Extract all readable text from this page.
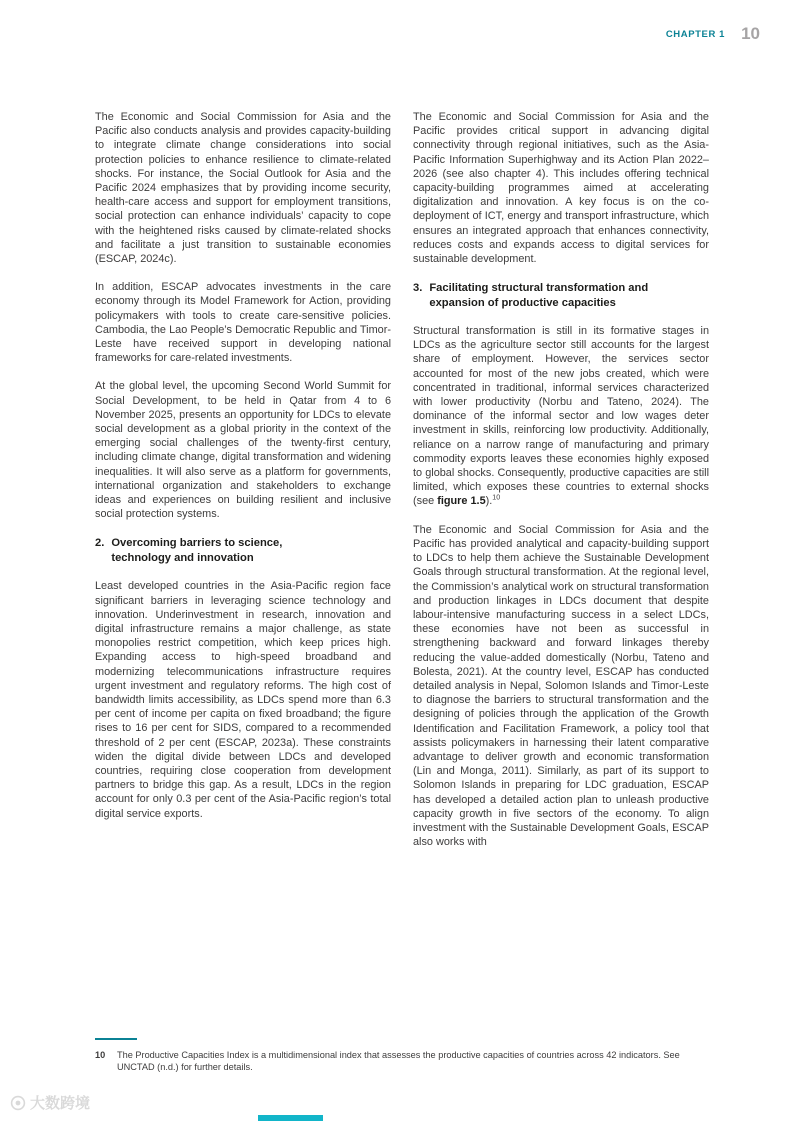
CHAPTER 1 10

The Economic and Social Commission for Asia and the Pacific also conducts analysis and provides capacity-building to integrate climate change considerations into social protection policies to enhance resilience to climate-related shocks. For instance, the Social Outlook for Asia and the Pacific 2024 emphasizes that by providing income security, health-care access and support for employment transitions, social protection can enhance individuals’ capacity to cope with the heightened risks caused by climate-related shocks and facilitate a just transition to sustainable economies (ESCAP, 2024c).

In addition, ESCAP advocates investments in the care economy through its Model Framework for Action, providing policymakers with tools to create care-sensitive policies. Cambodia, the Lao People’s Democratic Republic and Timor-Leste have received support in developing national frameworks for care-related investments.

At the global level, the upcoming Second World Summit for Social Development, to be held in Qatar from 4 to 6 November 2025, presents an opportunity for LDCs to elevate social development as a global priority in the context of the emerging social challenges of the twenty-first century, including climate change, digital transformation and widening inequalities. It will also serve as a platform for governments, international organization and stakeholders to exchange ideas and experiences on building resilient and inclusive social protection systems.

2. Overcoming barriers to science, technology and innovation

Least developed countries in the Asia-Pacific region face significant barriers in leveraging science technology and innovation. Underinvestment in research, innovation and digital infrastructure remains a major challenge, as state monopolies restrict competition, which keep prices high. Expanding access to high-speed broadband and modernizing telecommunications infrastructure requires urgent investment and regulatory reforms. The high cost of bandwidth limits accessibility, as LDCs spend more than 6.3 per cent of income per capita on fixed broadband; the figure rises to 16 per cent for SIDS, compared to a recommended threshold of 2 per cent (ESCAP, 2023a). These constraints widen the digital divide between LDCs and developed countries, requiring close cooperation from development partners to bridge this gap. As a result, LDCs in the region account for only 0.3 per cent of the Asia-Pacific region’s total digital service exports.

The Economic and Social Commission for Asia and the Pacific provides critical support in advancing digital connectivity through regional initiatives, such as the Asia-Pacific Information Superhighway and its Action Plan 2022–2026 (see also chapter 4). This includes offering technical capacity-building programmes aimed at accelerating digitalization and innovation. A key focus is on the co-deployment of ICT, energy and transport infrastructure, which ensures an integrated approach that enhances connectivity, reduces costs and expands access to digital services for sustainable development.

3. Facilitating structural transformation and expansion of productive capacities

Structural transformation is still in its formative stages in LDCs as the agriculture sector still accounts for the largest share of employment. However, the services sector accounted for most of the new jobs created, which were concentrated in traditional, informal services characterized with lower productivity (Norbu and Tateno, 2024). The dominance of the informal sector and low wages deter investment in skills, reinforcing low productivity. Additionally, reliance on a narrow range of manufacturing and primary commodity exports leaves these economies highly exposed to global shocks. Consequently, productive capacities are still limited, which exposes these countries to external shocks (see figure 1.5).$^{10}$

The Economic and Social Commission for Asia and the Pacific has provided analytical and capacity-building support to LDCs to help them achieve the Sustainable Development Goals through structural transformation. At the regional level, the Commission’s analytical work on structural transformation and production linkages in LDCs document that despite labour-intensive manufacturing success in a select LDCs, these economies have not been as successful in strengthening backward and forward linkages thereby reducing the value-added domestically (Norbu, Tateno and Bolesta, 2021). At the country level, ESCAP has conducted detailed analysis in Nepal, Solomon Islands and Timor-Leste to diagnose the barriers to structural transformation and the designing of policies through the application of the Growth Identification and Facilitation Framework, a policy tool that assists policymakers in harnessing their latent comparative advantage to deliver growth and economic transformation (Lin and Monga, 2011). Similarly, as part of its support to Solomon Islands in preparing for LDC graduation, ESCAP has developed a detailed action plan to unleash productive capacity growth in five sectors of the economy. To align investment with the Sustainable Development Goals, ESCAP also works with

10	The Productive Capacities Index is a multidimensional index that assesses the productive capacities of countries across 42 indicators. See UNCTAD (n.d.) for further details.
大数跨境
